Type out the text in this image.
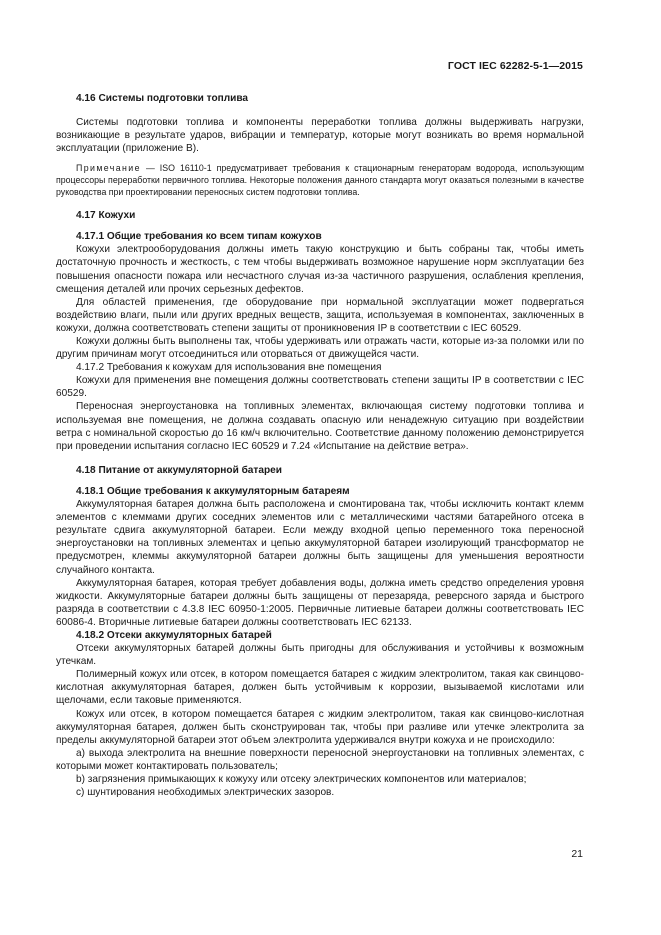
ГОСТ IEC 62282-5-1—2015
4.16 Системы подготовки топлива

Системы подготовки топлива и компоненты переработки топлива должны выдерживать нагрузки, возникающие в результате ударов, вибрации и температур, которые могут возникать во время нормальной эксплуатации (приложение В).

Примечание — ISO 16110-1 предусматривает требования к стационарным генераторам водорода, использующим процессоры переработки первичного топлива. Некоторые положения данного стандарта могут оказаться полезными в качестве руководства при проектировании переносных систем подготовки топлива.

4.17 Кожухи
4.17.1 Общие требования ко всем типам кожухов

Кожухи электрооборудования должны иметь такую конструкцию и быть собраны так, чтобы иметь достаточную прочность и жесткость, с тем чтобы выдерживать возможное нарушение норм эксплуатации без повышения опасности пожара или несчастного случая из-за частичного разрушения, ослабления крепления, смещения деталей или прочих серьезных дефектов.

Для областей применения, где оборудование при нормальной эксплуатации может подвергаться воздействию влаги, пыли или других вредных веществ, защита, используемая в компонентах, заключенных в кожухи, должна соответствовать степени защиты от проникновения IP в соответствии с IEC 60529.

Кожухи должны быть выполнены так, чтобы удерживать или отражать части, которые из-за поломки или по другим причинам могут отсоединиться или оторваться от движущейся части.

4.17.2 Требования к кожухам для использования вне помещения

Кожухи для применения вне помещения должны соответствовать степени защиты IP в соответствии с IEC 60529.

Переносная энергоустановка на топливных элементах, включающая систему подготовки топлива и используемая вне помещения, не должна создавать опасную или ненадежную ситуацию при воздействии ветра с номинальной скоростью до 16 км/ч включительно. Соответствие данному положению демонстрируется при проведении испытания согласно IEC 60529 и 7.24 «Испытание на действие ветра».

4.18 Питание от аккумуляторной батареи
4.18.1 Общие требования к аккумуляторным батареям

Аккумуляторная батарея должна быть расположена и смонтирована так, чтобы исключить контакт клемм элементов с клеммами других соседних элементов или с металлическими частями батарейного отсека в результате сдвига аккумуляторной батареи. Если между входной цепью переменного тока переносной энергоустановки на топливных элементах и цепью аккумуляторной батареи изолирующий трансформатор не предусмотрен, клеммы аккумуляторной батареи должны быть защищены для уменьшения вероятности случайного контакта.

Аккумуляторная батарея, которая требует добавления воды, должна иметь средство определения уровня жидкости. Аккумуляторные батареи должны быть защищены от перезаряда, реверсного заряда и быстрого разряда в соответствии с 4.3.8 IEC 60950-1:2005. Первичные литиевые батареи должны соответствовать IEC 60086-4. Вторичные литиевые батареи должны соответствовать IEC 62133.

4.18.2 Отсеки аккумуляторных батарей

Отсеки аккумуляторных батарей должны быть пригодны для обслуживания и устойчивы к возможным утечкам.

Полимерный кожух или отсек, в котором помещается батарея с жидким электролитом, такая как свинцово-кислотная аккумуляторная батарея, должен быть устойчивым к коррозии, вызываемой кислотами или щелочами, если таковые применяются.

Кожух или отсек, в котором помещается батарея с жидким электролитом, такая как свинцово-кислотная аккумуляторная батарея, должен быть сконструирован так, чтобы при разливе или утечке электролита за пределы аккумуляторной батареи этот объем электролита удерживался внутри кожуха и не происходило:

a) выхода электролита на внешние поверхности переносной энергоустановки на топливных элементах, с которыми может контактировать пользователь;

b) загрязнения примыкающих к кожуху или отсеку электрических компонентов или материалов;

c) шунтирования необходимых электрических зазоров.

21
